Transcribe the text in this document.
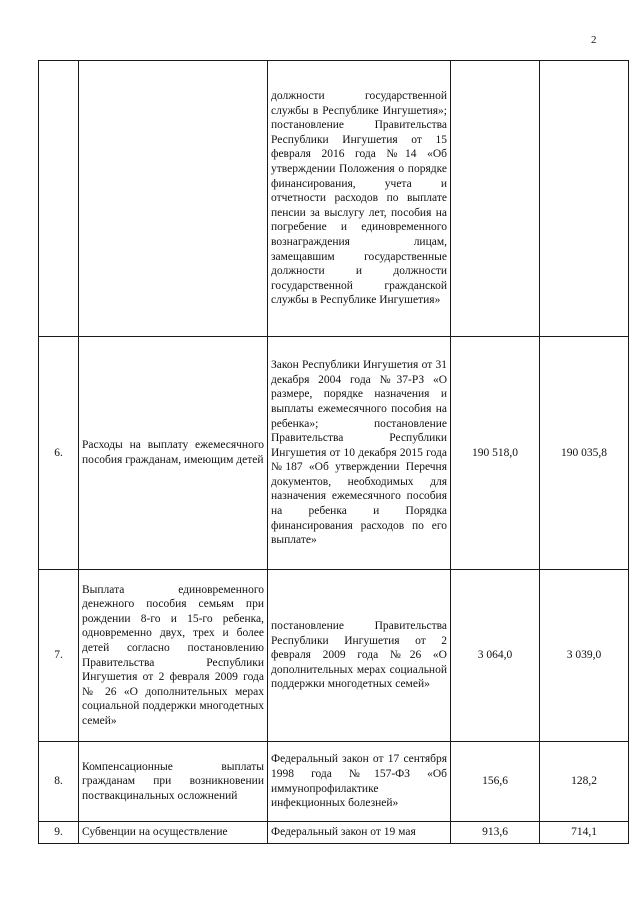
2
		должности государственной службы в Республике Ингушетия»; постановление Правительства Республики Ингушетия от 15 февраля 2016 года №14 «Об утверждении Положения о порядке финансирования, учета и отчетности расходов по выплате пенсии за выслугу лет, пособия на погребение и единовременного вознаграждения лицам, замещавшим государственные должности и должности государственной гражданской службы в Республике Ингушетия»		
6.	Расходы на выплату ежемесячного пособия гражданам, имеющим детей	Закон Республики Ингушетия от 31 декабря 2004 года №37-РЗ «О размере, порядке назначения и выплаты ежемесячного пособия на ребенка»; постановление Правительства Республики Ингушетия от 10 декабря 2015 года №187 «Об утверждении Перечня документов, необходимых для назначения ежемесячного пособия на ребенка и Порядка финансирования расходов по его выплате»	190 518,0	190 035,8
7.	Выплата единовременного денежного пособия семьям при рождении 8-го и 15-го ребенка, одновременно двух, трех и более детей согласно постановлению Правительства Республики Ингушетия от 2 февраля 2009 года № 26 «О дополнительных мерах социальной поддержки многодетных семей»	постановление Правительства Республики Ингушетия от 2 февраля 2009 года №26 «О дополнительных мерах социальной поддержки многодетных семей»	3 064,0	3 039,0
8.	Компенсационные выплаты гражданам при возникновении поствакцинальных осложнений	Федеральный закон от 17 сентября 1998 года №157-ФЗ «Об иммунопрофилактике инфекционных болезней»	156,6	128,2
9.	Субвенции на осуществление	Федеральный закон от 19 мая	913,6	714,1
